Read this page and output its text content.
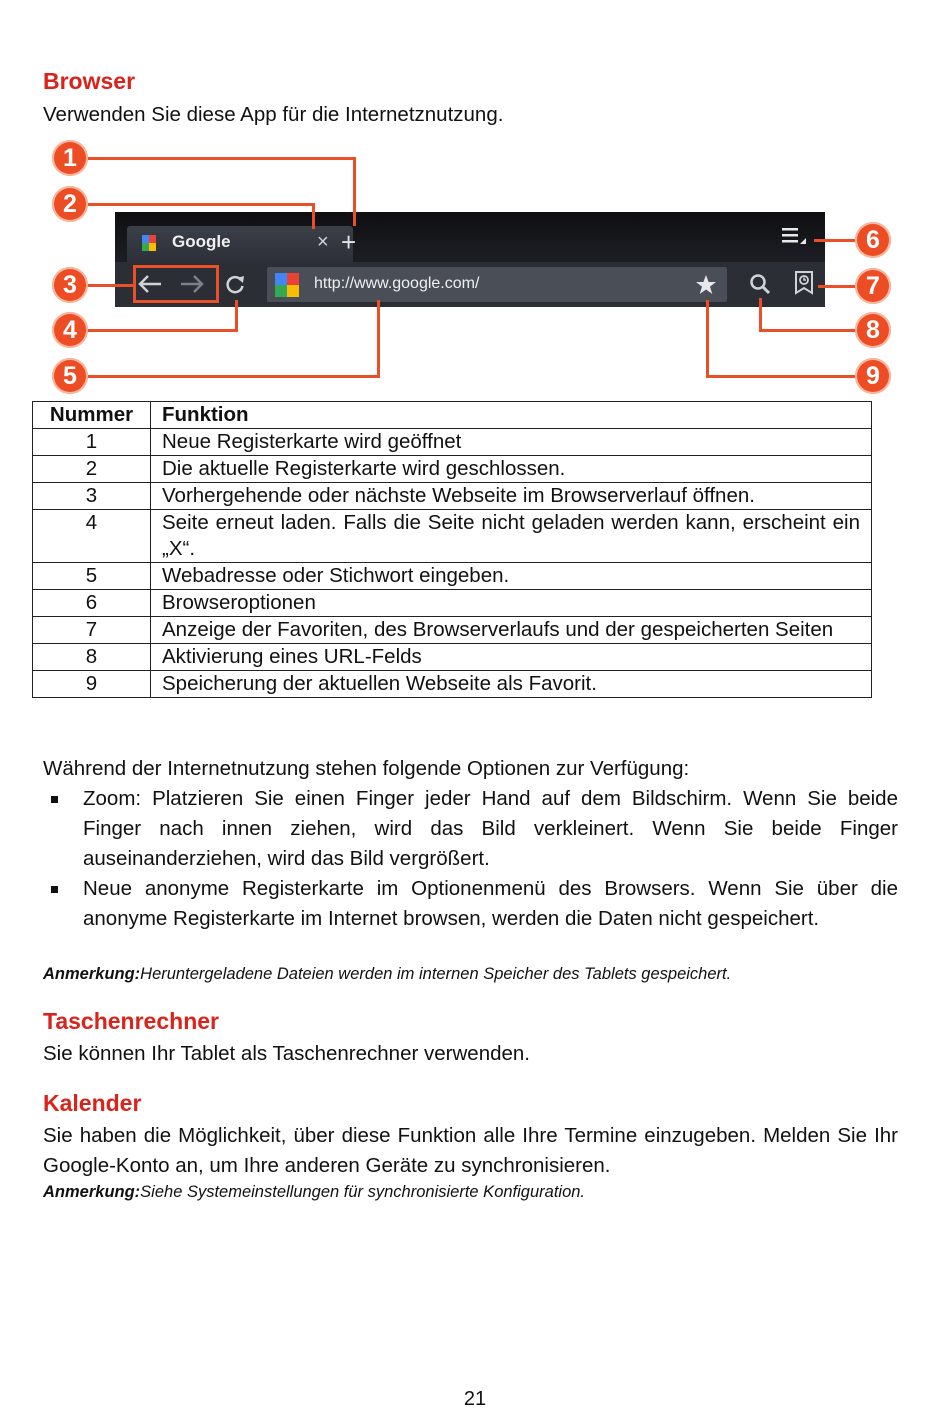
Browser

Verwenden Sie diese App für die Internetznutzung.

Google	× +
http://www.google.com/
1
2
3
4
5
6
7
8
9
Nummer	Funktion
1	Neue Registerkarte wird geöffnet
2	Die aktuelle Registerkarte wird geschlossen.
3	Vorhergehende oder nächste Webseite im Browserverlauf öffnen.
4	Seite erneut laden. Falls die Seite nicht geladen werden kann, erscheint ein „X“.
5	Webadresse oder Stichwort eingeben.
6	Browseroptionen
7	Anzeige der Favoriten, des Browserverlaufs und der gespeicherten Seiten
8	Aktivierung eines URL-Felds
9	Speicherung der aktuellen Webseite als Favorit.

Während der Internetnutzung stehen folgende Optionen zur Verfügung:

Zoom: Platzieren Sie einen Finger jeder Hand auf dem Bildschirm. Wenn Sie beide Finger nach innen ziehen, wird das Bild verkleinert. Wenn Sie beide Finger auseinanderziehen, wird das Bild vergrößert.
Neue anonyme Registerkarte im Optionenmenü des Browsers. Wenn Sie über die anonyme Registerkarte im Internet browsen, werden die Daten nicht gespeichert.

Anmerkung:Heruntergeladene Dateien werden im internen Speicher des Tablets gespeichert.

Taschenrechner

Sie können Ihr Tablet als Taschenrechner verwenden.

Kalender

Sie haben die Möglichkeit, über diese Funktion alle Ihre Termine einzugeben. Melden Sie Ihr Google-Konto an, um Ihre anderen Geräte zu synchronisieren.

Anmerkung:Siehe Systemeinstellungen für synchronisierte Konfiguration.

21
